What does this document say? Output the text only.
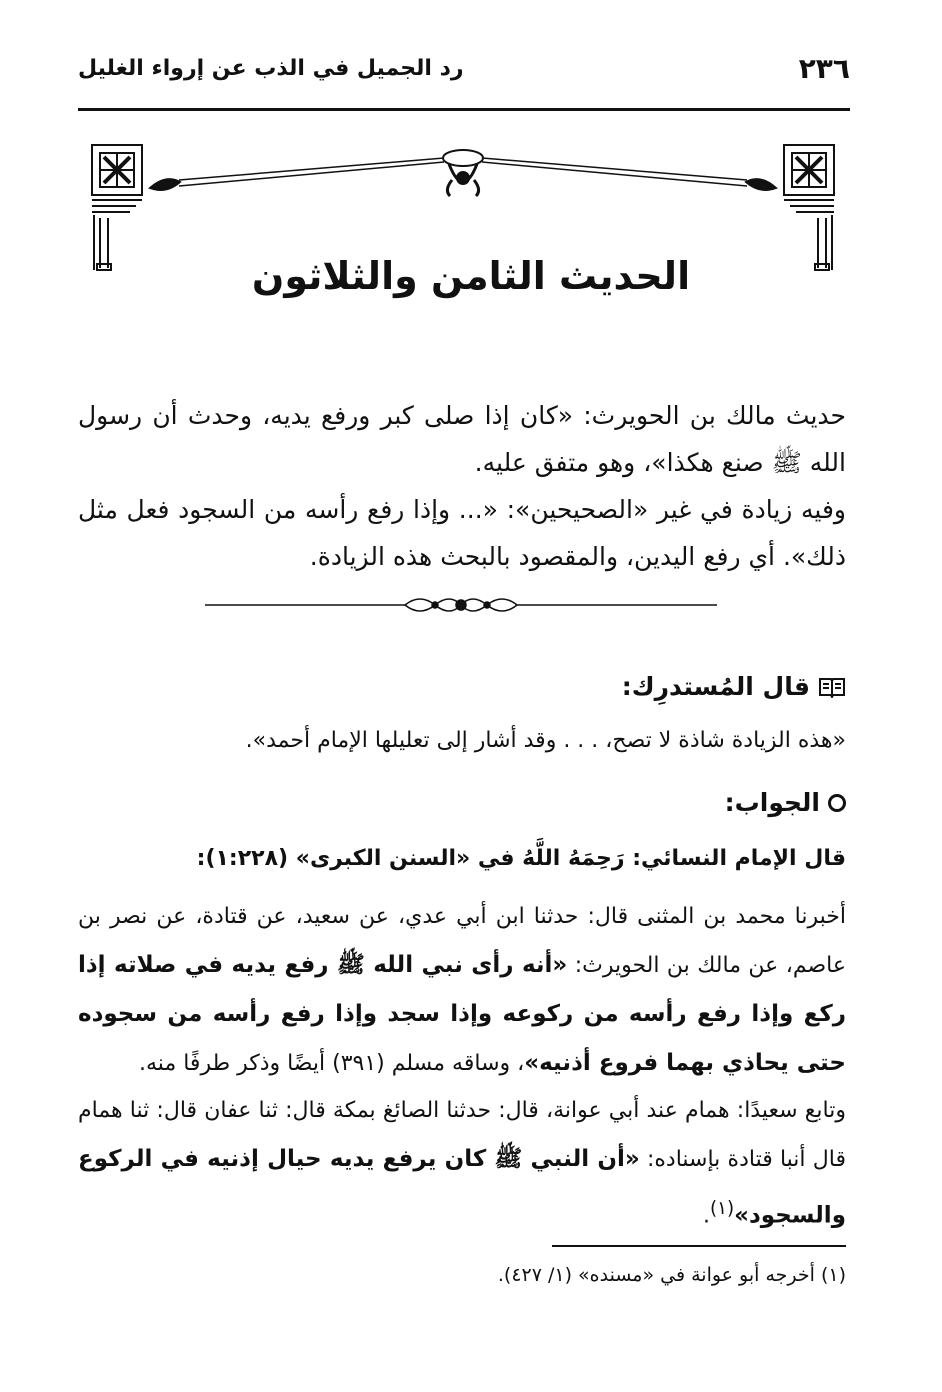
٢٣٦
رد الجميل في الذب عن إرواء الغليل
الحديث الثامن والثلاثون

حديث مالك بن الحويرث: «كان إذا صلى كبر ورفع يديه، وحدث أن رسول الله ﷺ صنع هكذا»، وهو متفق عليه.

وفيه زيادة في غير «الصحيحين»: «... وإذا رفع رأسه من السجود فعل مثل ذلك». أي رفع اليدين، والمقصود بالبحث هذه الزيادة.

قال المُستدرِك:
«هذه الزيادة شاذة لا تصح، . . . وقد أشار إلى تعليلها الإمام أحمد».
الجواب:
قال الإمام النسائي: رَحِمَهُ اللَّهُ في «السنن الكبرى» (١:٢٢٨):

أخبرنا محمد بن المثنى قال: حدثنا ابن أبي عدي، عن سعيد، عن قتادة، عن نصر بن عاصم، عن مالك بن الحويرث: «أنه رأى نبي الله ﷺ رفع يديه في صلاته إذا ركع وإذا رفع رأسه من ركوعه وإذا سجد وإذا رفع رأسه من سجوده حتى يحاذي بهما فروع أذنيه»، وساقه مسلم (٣٩١) أيضًا وذكر طرفًا منه.

وتابع سعيدًا: همام عند أبي عوانة، قال: حدثنا الصائغ بمكة قال: ثنا عفان قال: ثنا همام قال أنبا قتادة بإسناده: «أن النبي ﷺ كان يرفع يديه حيال إذنيه في الركوع والسجود»$^{(١)}$.

(١) أخرجه أبو عوانة في «مسنده» (١/ ٤٢٧).
